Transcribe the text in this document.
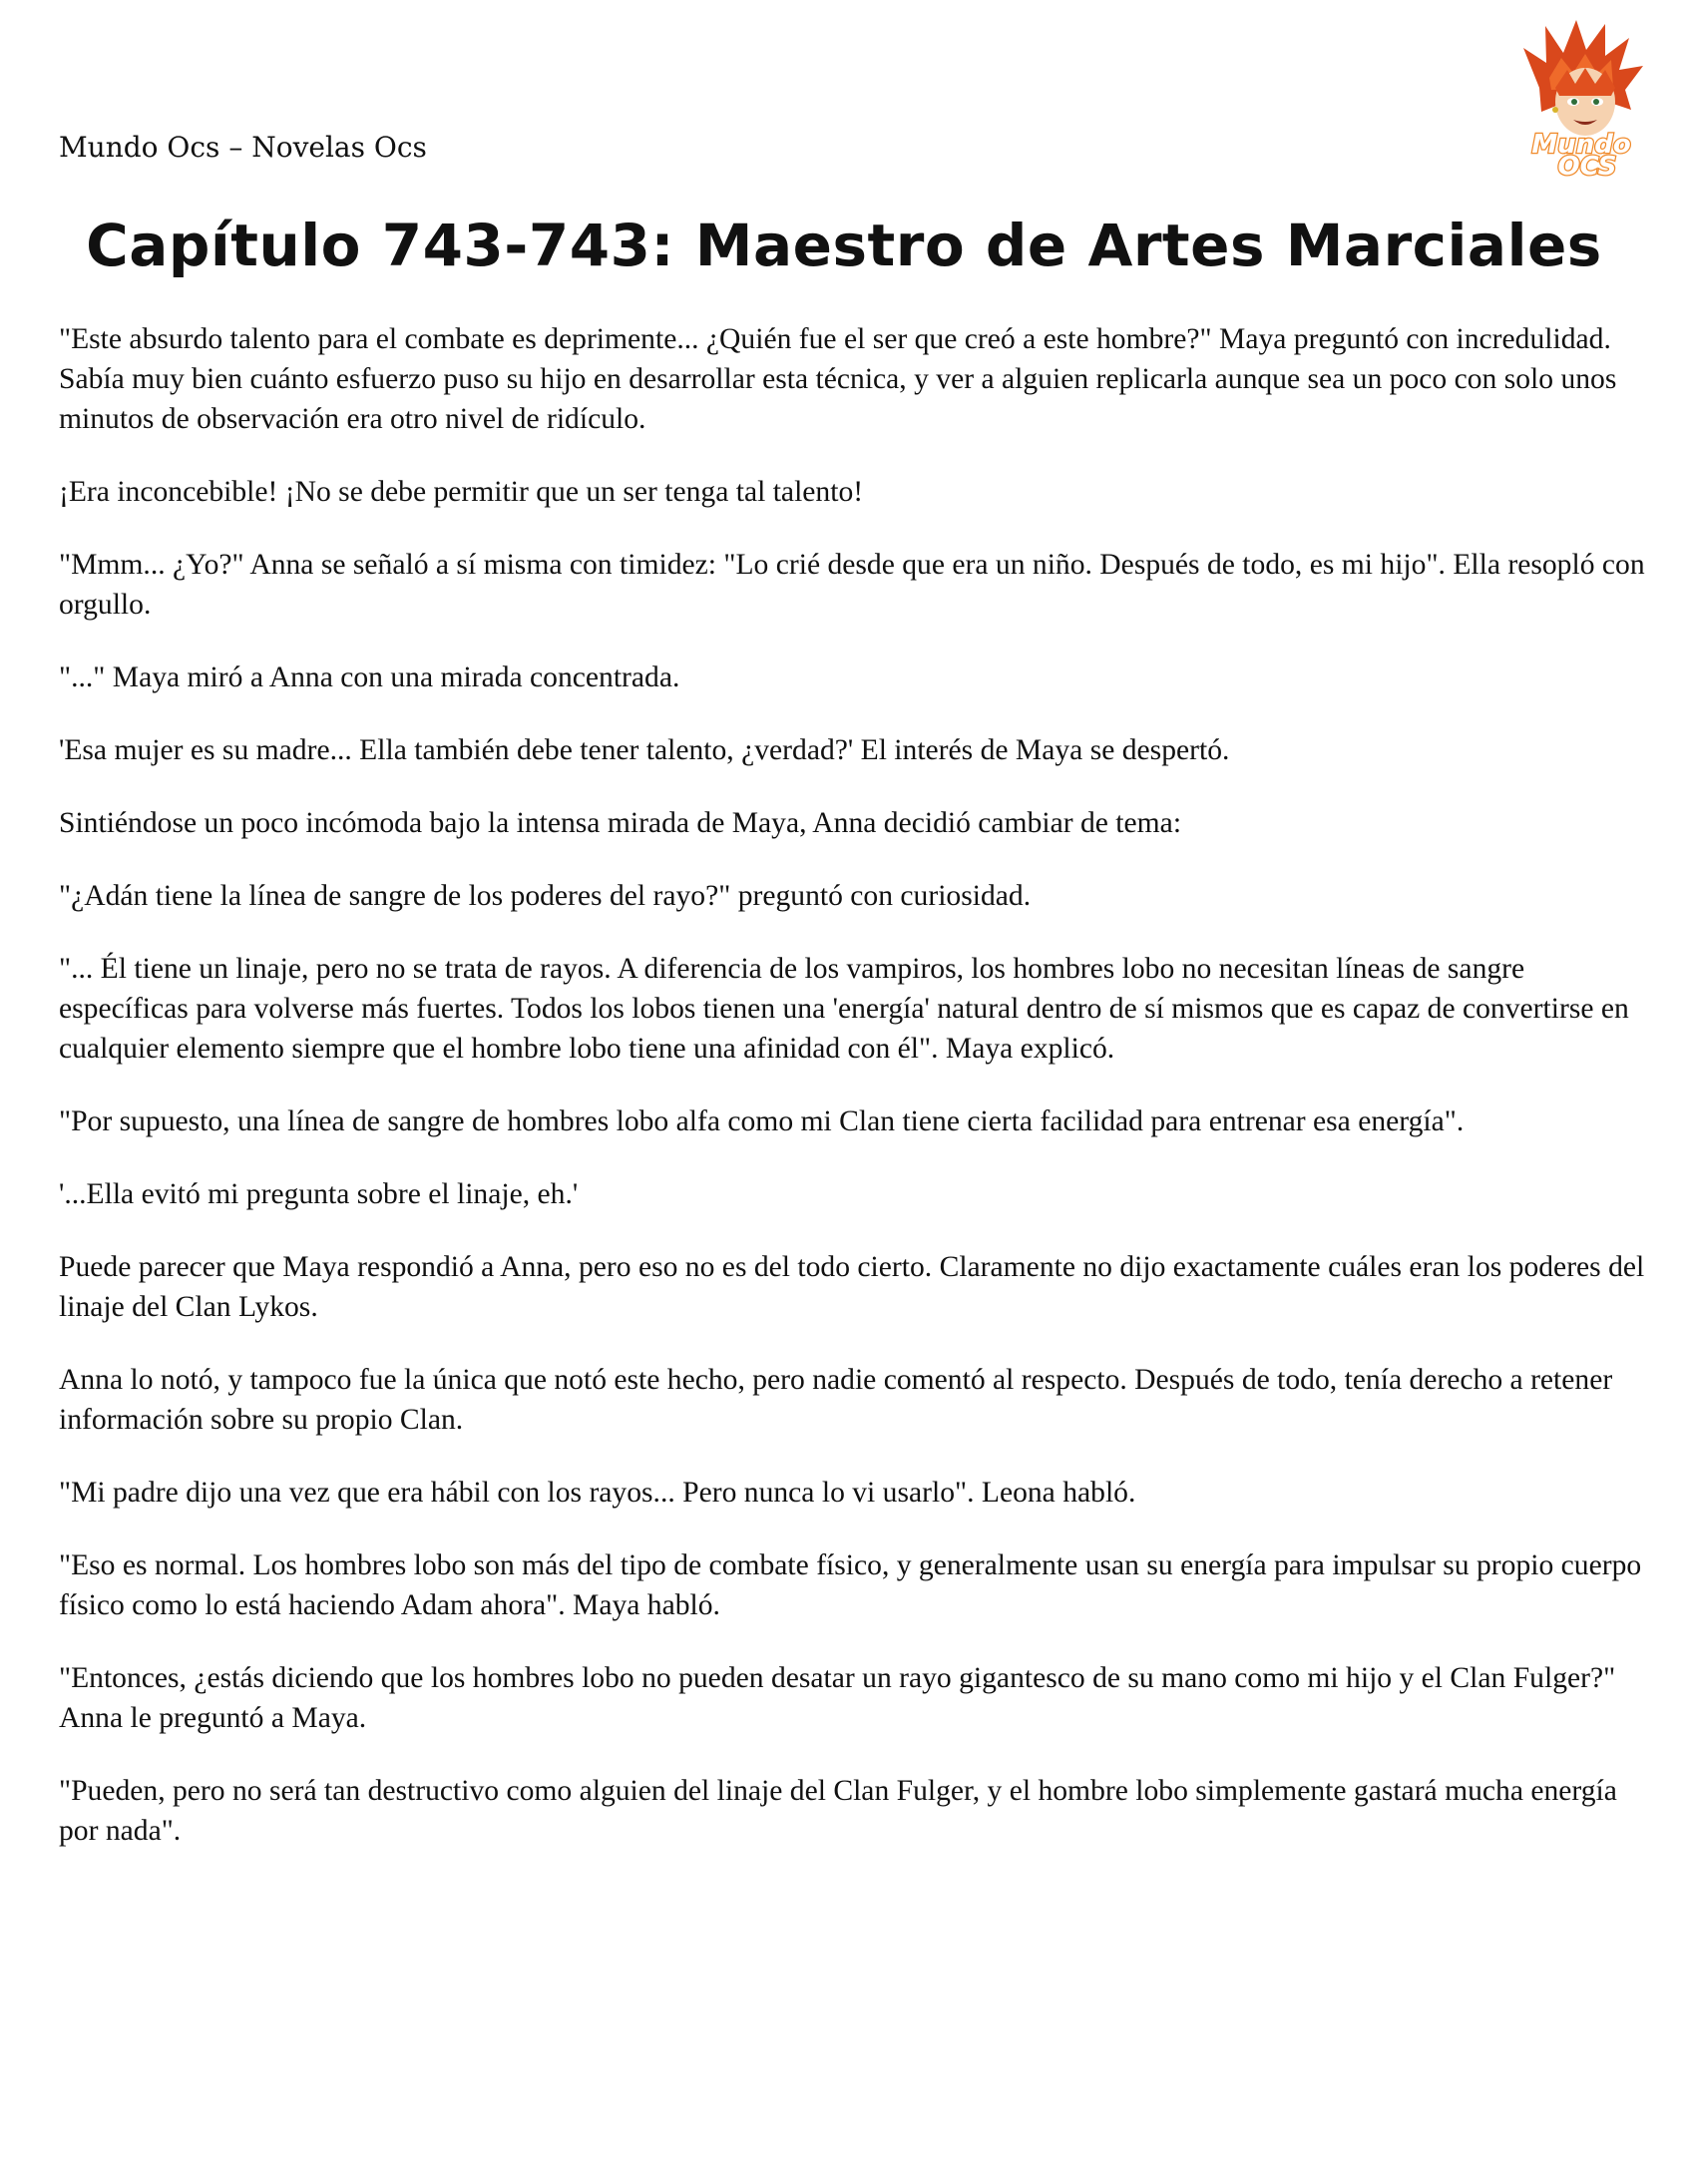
Mundo Ocs – Novelas Ocs	Mundo
OCS
Capítulo 743-743: Maestro de Artes Marciales

"Este absurdo talento para el combate es deprimente... ¿Quién fue el ser que creó a este hombre?" Maya preguntó con incredulidad. Sabía muy bien cuánto esfuerzo puso su hijo en desarrollar esta técnica, y ver a alguien replicarla aunque sea un poco con solo unos minutos de observación era otro nivel de ridículo.

¡Era inconcebible! ¡No se debe permitir que un ser tenga tal talento!

"Mmm... ¿Yo?" Anna se señaló a sí misma con timidez: "Lo crié desde que era un niño. Después de todo, es mi hijo". Ella resopló con orgullo.

"..." Maya miró a Anna con una mirada concentrada.

'Esa mujer es su madre... Ella también debe tener talento, ¿verdad?' El interés de Maya se despertó.

Sintiéndose un poco incómoda bajo la intensa mirada de Maya, Anna decidió cambiar de tema:

"¿Adán tiene la línea de sangre de los poderes del rayo?" preguntó con curiosidad.

"... Él tiene un linaje, pero no se trata de rayos. A diferencia de los vampiros, los hombres lobo no necesitan líneas de sangre específicas para volverse más fuertes. Todos los lobos tienen una 'energía' natural dentro de sí mismos que es capaz de convertirse en cualquier elemento siempre que el hombre lobo tiene una afinidad con él". Maya explicó.

"Por supuesto, una línea de sangre de hombres lobo alfa como mi Clan tiene cierta facilidad para entrenar esa energía".

'...Ella evitó mi pregunta sobre el linaje, eh.'

Puede parecer que Maya respondió a Anna, pero eso no es del todo cierto. Claramente no dijo exactamente cuáles eran los poderes del linaje del Clan Lykos.

Anna lo notó, y tampoco fue la única que notó este hecho, pero nadie comentó al respecto. Después de todo, tenía derecho a retener información sobre su propio Clan.

"Mi padre dijo una vez que era hábil con los rayos... Pero nunca lo vi usarlo". Leona habló.

"Eso es normal. Los hombres lobo son más del tipo de combate físico, y generalmente usan su energía para impulsar su propio cuerpo físico como lo está haciendo Adam ahora". Maya habló.

"Entonces, ¿estás diciendo que los hombres lobo no pueden desatar un rayo gigantesco de su mano como mi hijo y el Clan Fulger?" Anna le preguntó a Maya.

"Pueden, pero no será tan destructivo como alguien del linaje del Clan Fulger, y el hombre lobo simplemente gastará mucha energía por nada".
